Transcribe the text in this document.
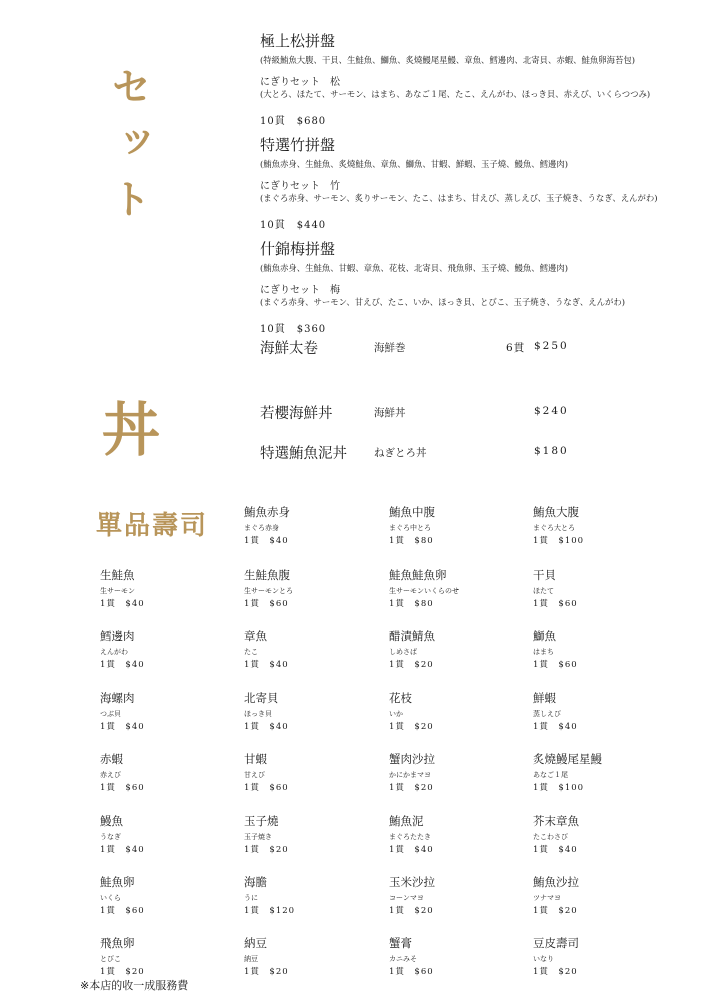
セット
丼
單品壽司
極上松拼盤
(特級鮪魚大腹、干貝、生鮭魚、鰤魚、炙燒鰻尾星鰻、章魚、鱈邊肉、北寄貝、赤蝦、鮭魚卵海苔包)
にぎりセット　松
(大とろ、ほたて、サーモン、はまち、あなご１尾、たこ、えんがわ、ほっき貝、赤えび、いくらつつみ)
10貫　$680
特選竹拼盤
(鮪魚赤身、生鮭魚、炙燒鮭魚、章魚、鰤魚、甘蝦、鮮蝦、玉子燒、鰻魚、鱈邊肉)
にぎりセット　竹
(まぐろ赤身、サーモン、炙りサーモン、たこ、はまち、甘えび、蒸しえび、玉子焼き、うなぎ、えんがわ)
10貫　$440
什錦梅拼盤
(鮪魚赤身、生鮭魚、甘蝦、章魚、花枝、北寄貝、飛魚卵、玉子燒、鰻魚、鱈邊肉)
にぎりセット　梅
(まぐろ赤身、サーモン、甘えび、たこ、いか、ほっき貝、とびこ、玉子焼き、うなぎ、えんがわ)
10貫　$360
海鮮太卷	海鮮巻	6貫 $250
若櫻海鮮丼	海鮮丼	$240
特選鮪魚泥丼	ねぎとろ丼	$180
鮪魚赤身
まぐろ赤身
1貫　$40
鮪魚中腹
まぐろ中とろ
1貫　$80
鮪魚大腹
まぐろ大とろ
1貫　$100
生鮭魚
生サーモン
1貫　$40
生鮭魚腹
生サーモンとろ
1貫　$60
鮭魚鮭魚卵
生サーモンいくらのせ
1貫　$80
干貝
ほたて
1貫　$60
鱈邊肉
えんがわ
1貫　$40
章魚
たこ
1貫　$40
醋漬鯖魚
しめさば
1貫　$20
鰤魚
はまち
1貫　$60
海螺肉
つぶ貝
1貫　$40
北寄貝
ほっき貝
1貫　$40
花枝
いか
1貫　$20
鮮蝦
蒸しえび
1貫　$40
赤蝦
赤えび
1貫　$60
甘蝦
甘えび
1貫　$60
蟹肉沙拉
かにかまマヨ
1貫　$20
炙燒鰻尾星鰻
あなご１尾
1貫　$100
鰻魚
うなぎ
1貫　$40
玉子燒
玉子焼き
1貫　$20
鮪魚泥
まぐろたたき
1貫　$40
芥末章魚
たこわさび
1貫　$40
鮭魚卵
いくら
1貫　$60
海膽
うに
1貫　$120
玉米沙拉
コーンマヨ
1貫　$20
鮪魚沙拉
ツナマヨ
1貫　$20
飛魚卵
とびこ
1貫　$20
納豆
納豆
1貫　$20
蟹膏
カニみそ
1貫　$60
豆皮壽司
いなり
1貫　$20
※本店的收一成服務費
